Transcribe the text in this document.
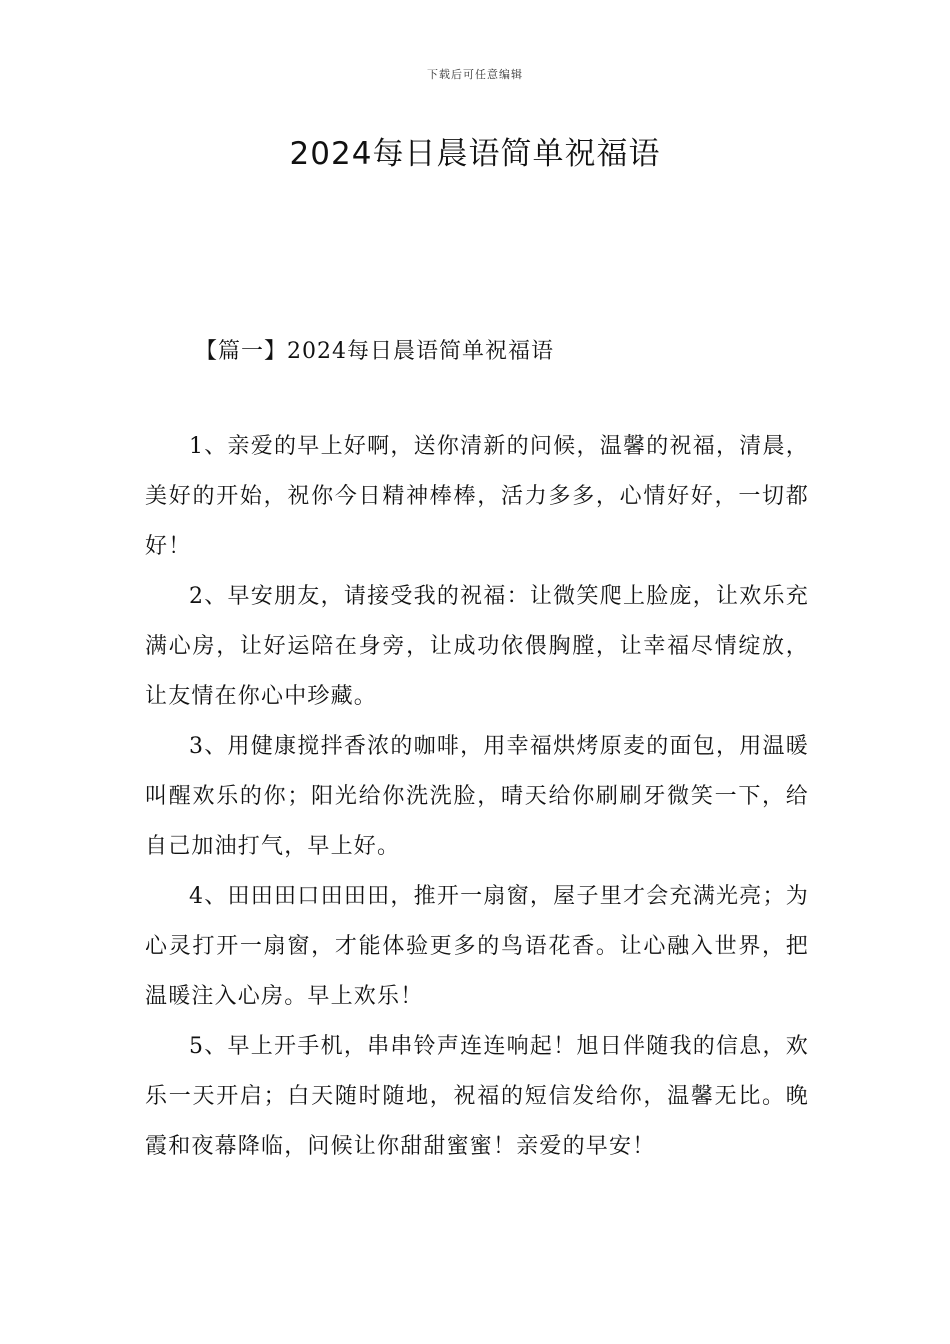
下载后可任意编辑
2024每日晨语简单祝福语
【篇一】2024每日晨语简单祝福语

1、亲爱的早上好啊，送你清新的问候，温馨的祝福，清晨，美好的开始，祝你今日精神棒棒，活力多多，心情好好，一切都好！

2、早安朋友，请接受我的祝福：让微笑爬上脸庞，让欢乐充满心房，让好运陪在身旁，让成功依偎胸膛，让幸福尽情绽放，让友情在你心中珍藏。

3、用健康搅拌香浓的咖啡，用幸福烘烤原麦的面包，用温暖叫醒欢乐的你；阳光给你洗洗脸，晴天给你刷刷牙微笑一下，给自己加油打气，早上好。

4、田田田口田田田，推开一扇窗，屋子里才会充满光亮；为心灵打开一扇窗，才能体验更多的鸟语花香。让心融入世界，把温暖注入心房。早上欢乐！

5、早上开手机，串串铃声连连响起！旭日伴随我的信息，欢乐一天开启；白天随时随地，祝福的短信发给你，温馨无比。晚霞和夜幕降临，问候让你甜甜蜜蜜！亲爱的早安！
